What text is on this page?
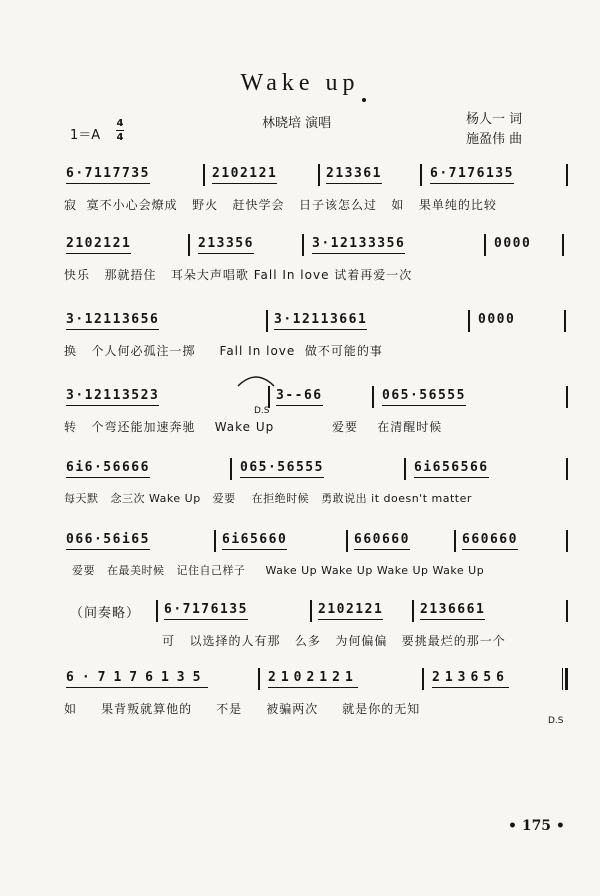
Wake up
林晓培 演唱	杨人一 词
施盈伟 曲
1＝A
4
4
6·7117735	2102121	213361	6·7176135
寂  寞不小心会燎成   野火   赶快学会   日子该怎么过   如   果单纯的比较
2102121	213356	3·12133356	0000
快乐   那就捂住   耳朵大声唱歌 Fall In love 试着再爱一次
3·12113656	3·12113661	0000
换   个人何必孤注一掷     Fall In love  做不可能的事
3·12113523
D.S
3--66	065·56555
转   个弯还能加速奔驰    Wake Up            爱要    在清醒时候
6i6·56666	065·56555	6i656566
每天默   念三次 Wake Up   爱要    在拒绝时候   勇敢说出 it doesn't matter
066·56i65	6i65660	660660	660660
爱要   在最美时候   记住自己样子     Wake Up Wake Up Wake Up Wake Up
（间奏略） 6·7176135	2102121	2136661
可   以选择的人有那   么多   为何偏偏   要挑最烂的那一个
6·7176135	2102121	213656
如     果背叛就算他的     不是     被骗两次     就是你的无知
D.S
• 175 •
